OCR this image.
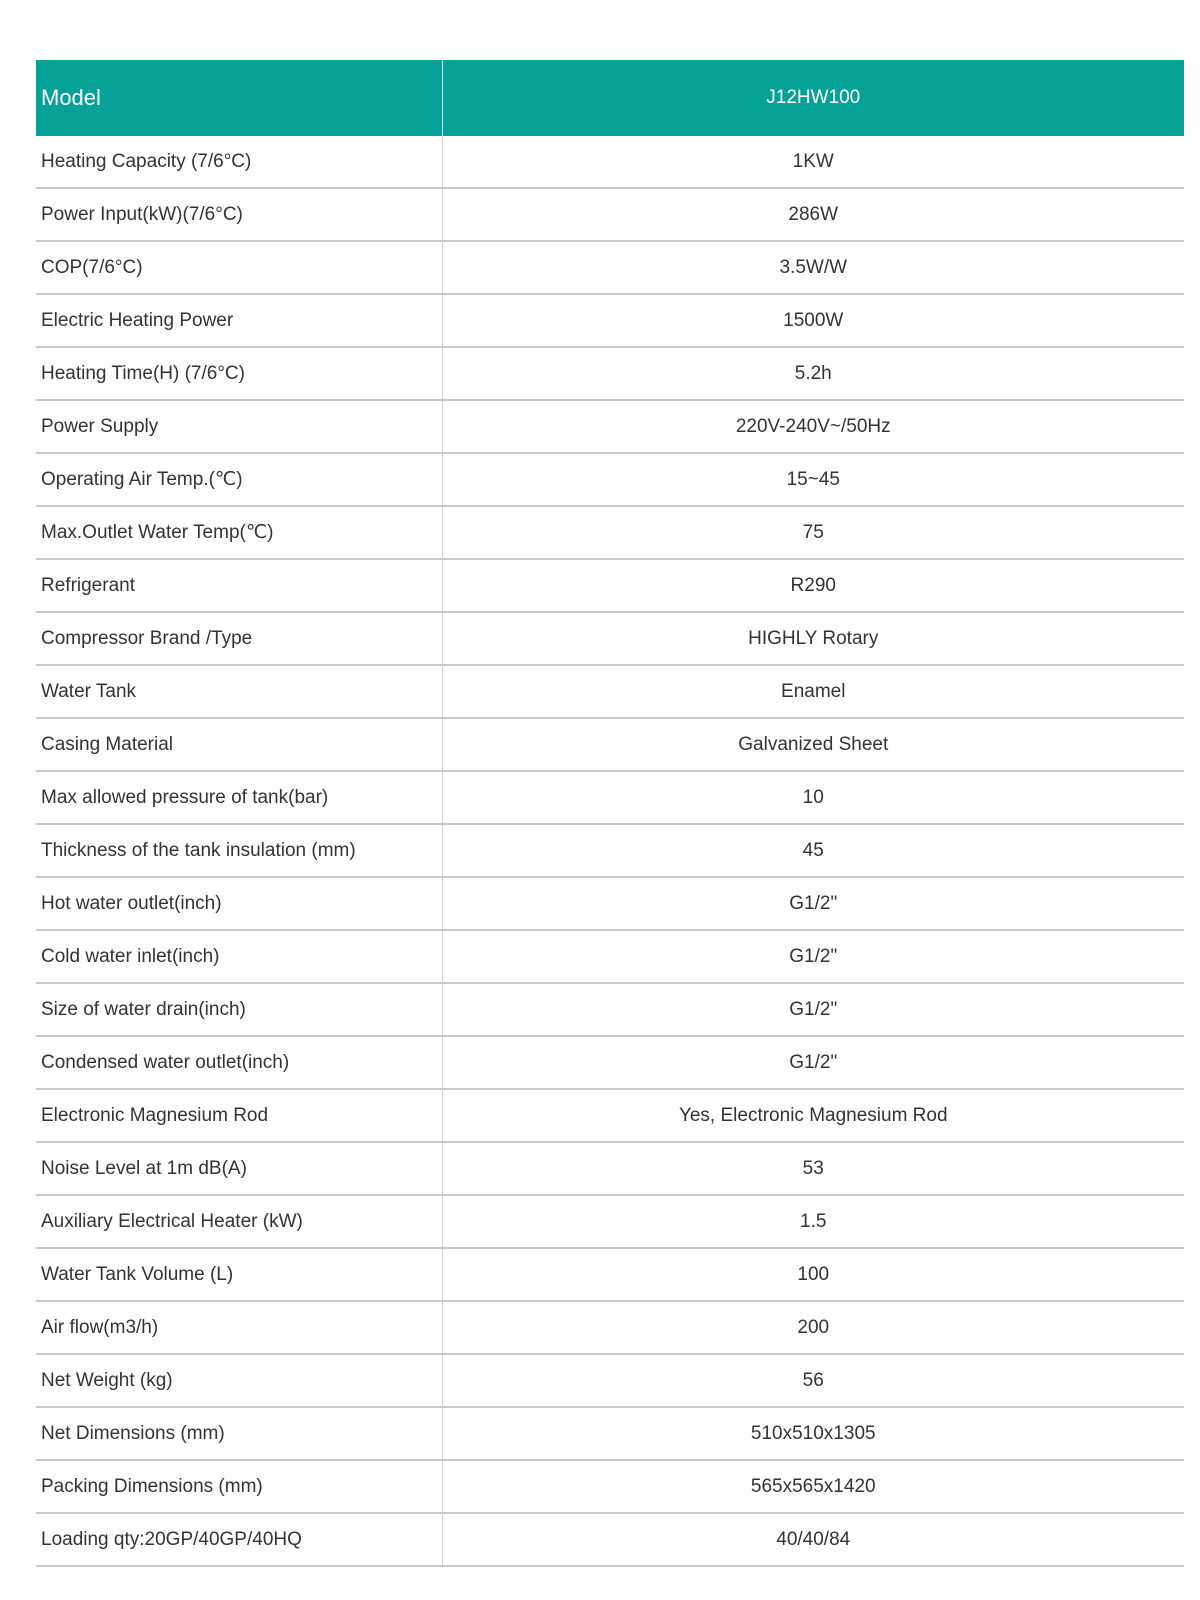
Model	J12HW100
Heating Capacity (7/6°C)	1KW
Power Input(kW)(7/6°C)	286W
COP(7/6°C)	3.5W/W
Electric Heating Power	1500W
Heating Time(H) (7/6°C)	5.2h
Power Supply	220V-240V~/50Hz
Operating Air Temp.(℃)	15~45
Max.Outlet Water Temp(℃)	75
Refrigerant	R290
Compressor Brand /Type	HIGHLY Rotary
Water Tank	Enamel
Casing Material	Galvanized Sheet
Max allowed pressure of tank(bar)	10
Thickness of the tank insulation (mm)	45
Hot water outlet(inch)	G1/2"
Cold water inlet(inch)	G1/2"
Size of water drain(inch)	G1/2"
Condensed water outlet(inch)	G1/2"
Electronic Magnesium Rod	Yes, Electronic Magnesium Rod
Noise Level at 1m dB(A)	53
Auxiliary Electrical Heater (kW)	1.5
Water Tank Volume (L)	100
Air flow(m3/h)	200
Net Weight (kg)	56
Net Dimensions (mm)	510x510x1305
Packing Dimensions (mm)	565x565x1420
Loading qty:20GP/40GP/40HQ	40/40/84
